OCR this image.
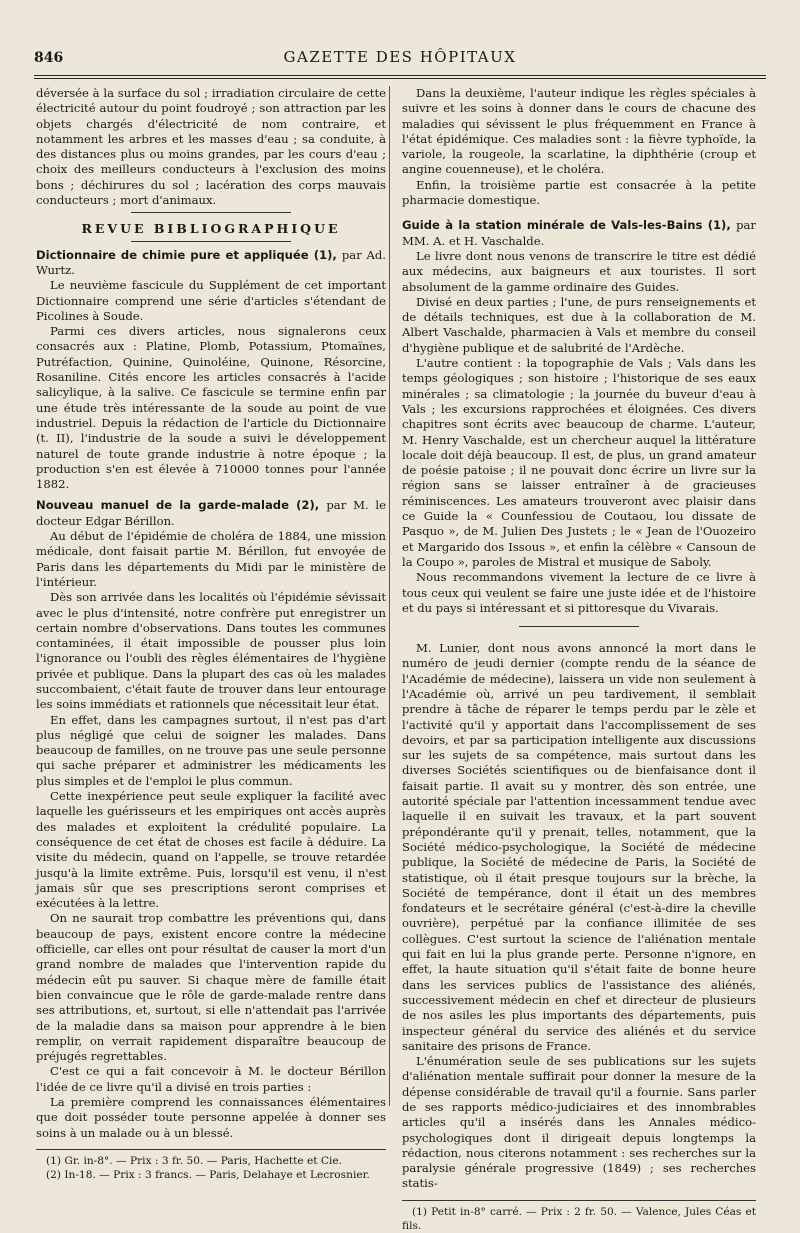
846	GAZETTE DES HÔPITAUX

déversée à la surface du sol ; irradiation circulaire de cette électricité autour du point foudroyé ; son attraction par les objets chargés d'électricité de nom contraire, et notamment les arbres et les masses d'eau ; sa conduite, à des distances plus ou moins grandes, par les cours d'eau ; choix des meilleurs conducteurs à l'exclusion des moins bons ; déchirures du sol ; lacération des corps mauvais conducteurs ; mort d'animaux.

REVUE BIBLIOGRAPHIQUE
Dictionnaire de chimie pure et appliquée (1), par Ad. Wurtz.

Le neuvième fascicule du Supplément de cet important Dictionnaire comprend une série d'articles s'étendant de Picolines à Soude.

Parmi ces divers articles, nous signalerons ceux consacrés aux : Platine, Plomb, Potassium, Ptomaïnes, Putréfaction, Quinine, Quinoléine, Quinone, Résorcine, Rosaniline. Cités encore les articles consacrés à l'acide salicylique, à la salive. Ce fascicule se termine enfin par une étude très intéressante de la soude au point de vue industriel. Depuis la rédaction de l'article du Dictionnaire (t. II), l'industrie de la soude a suivi le développement naturel de toute grande industrie à notre époque ; la production s'en est élevée à 710000 tonnes pour l'année 1882.

Nouveau manuel de la garde-malade (2), par M. le docteur Edgar Bérillon.

Au début de l'épidémie de choléra de 1884, une mission médicale, dont faisait partie M. Bérillon, fut envoyée de Paris dans les départements du Midi par le ministère de l'intérieur.

Dès son arrivée dans les localités où l'épidémie sévissait avec le plus d'intensité, notre confrère put enregistrer un certain nombre d'observations. Dans toutes les communes contaminées, il était impossible de pousser plus loin l'ignorance ou l'oubli des règles élémentaires de l'hygiène privée et publique. Dans la plupart des cas où les malades succombaient, c'était faute de trouver dans leur entourage les soins immédiats et rationnels que nécessitait leur état.

En effet, dans les campagnes surtout, il n'est pas d'art plus négligé que celui de soigner les malades. Dans beaucoup de familles, on ne trouve pas une seule personne qui sache préparer et administrer les médicaments les plus simples et de l'emploi le plus commun.

Cette inexpérience peut seule expliquer la facilité avec laquelle les guérisseurs et les empiriques ont accès auprès des malades et exploitent la crédulité populaire. La conséquence de cet état de choses est facile à déduire. La visite du médecin, quand on l'appelle, se trouve retardée jusqu'à la limite extrême. Puis, lorsqu'il est venu, il n'est jamais sûr que ses prescriptions seront comprises et exécutées à la lettre.

On ne saurait trop combattre les préventions qui, dans beaucoup de pays, existent encore contre la médecine officielle, car elles ont pour résultat de causer la mort d'un grand nombre de malades que l'intervention rapide du médecin eût pu sauver. Si chaque mère de famille était bien convaincue que le rôle de garde-malade rentre dans ses attributions, et, surtout, si elle n'attendait pas l'arrivée de la maladie dans sa maison pour apprendre à le bien remplir, on verrait rapidement disparaître beaucoup de préjugés regrettables.

C'est ce qui a fait concevoir à M. le docteur Bérillon l'idée de ce livre qu'il a divisé en trois parties :

La première comprend les connaissances élémentaires que doit posséder toute personne appelée à donner ses soins à un malade ou à un blessé.

(1) Gr. in-8°. — Prix : 3 fr. 50. — Paris, Hachette et Cie.

(2) In-18. — Prix : 3 francs. — Paris, Delahaye et Lecrosnier.

Dans la deuxième, l'auteur indique les règles spéciales à suivre et les soins à donner dans le cours de chacune des maladies qui sévissent le plus fréquemment en France à l'état épidémique. Ces maladies sont : la fièvre typhoïde, la variole, la rougeole, la scarlatine, la diphthérie (croup et angine couenneuse), et le choléra.

Enfin, la troisième partie est consacrée à la petite pharmacie domestique.

Guide à la station minérale de Vals-les-Bains (1), par MM. A. et H. Vaschalde.

Le livre dont nous venons de transcrire le titre est dédié aux médecins, aux baigneurs et aux touristes. Il sort absolument de la gamme ordinaire des Guides.

Divisé en deux parties ; l'une, de purs renseignements et de détails techniques, est due à la collaboration de M. Albert Vaschalde, pharmacien à Vals et membre du conseil d'hygiène publique et de salubrité de l'Ardèche.

L'autre contient : la topographie de Vals ; Vals dans les temps géologiques ; son histoire ; l'historique de ses eaux minérales ; sa climatologie ; la journée du buveur d'eau à Vals ; les excursions rapprochées et éloignées. Ces divers chapitres sont écrits avec beaucoup de charme. L'auteur, M. Henry Vaschalde, est un chercheur auquel la littérature locale doit déjà beaucoup. Il est, de plus, un grand amateur de poésie patoise ; il ne pouvait donc écrire un livre sur la région sans se laisser entraîner à de gracieuses réminiscences. Les amateurs trouveront avec plaisir dans ce Guide la « Counfessiou de Coutaou, lou dissate de Pasquo », de M. Julien Des Justets ; le « Jean de l'Ouozeiro et Margarido dos Issous », et enfin la célèbre « Cansoun de la Coupo », paroles de Mistral et musique de Saboly.

Nous recommandons vivement la lecture de ce livre à tous ceux qui veulent se faire une juste idée et de l'histoire et du pays si intéressant et si pittoresque du Vivarais.

M. Lunier, dont nous avons annoncé la mort dans le numéro de jeudi dernier (compte rendu de la séance de l'Académie de médecine), laissera un vide non seulement à l'Académie où, arrivé un peu tardivement, il semblait prendre à tâche de réparer le temps perdu par le zèle et l'activité qu'il y apportait dans l'accomplissement de ses devoirs, et par sa participation intelligente aux discussions sur les sujets de sa compétence, mais surtout dans les diverses Sociétés scientifiques ou de bienfaisance dont il faisait partie. Il avait su y montrer, dès son entrée, une autorité spéciale par l'attention incessamment tendue avec laquelle il en suivait les travaux, et la part souvent prépondérante qu'il y prenait, telles, notamment, que la Société médico-psychologique, la Société de médecine publique, la Société de médecine de Paris, la Société de statistique, où il était presque toujours sur la brèche, la Société de tempérance, dont il était un des membres fondateurs et le secrétaire général (c'est-à-dire la cheville ouvrière), perpétué par la confiance illimitée de ses collègues. C'est surtout la science de l'aliénation mentale qui fait en lui la plus grande perte. Personne n'ignore, en effet, la haute situation qu'il s'était faite de bonne heure dans les services publics de l'assistance des aliénés, successivement médecin en chef et directeur de plusieurs de nos asiles les plus importants des départements, puis inspecteur général du service des aliénés et du service sanitaire des prisons de France.

L'énumération seule de ses publications sur les sujets d'aliénation mentale suffirait pour donner la mesure de la dépense considérable de travail qu'il a fournie. Sans parler de ses rapports médico-judiciaires et des innombrables articles qu'il a insérés dans les Annales médico-psychologiques dont il dirigeait depuis longtemps la rédaction, nous citerons notamment : ses recherches sur la paralysie générale progressive (1849) ; ses recherches statis-

(1) Petit in-8° carré. — Prix : 2 fr. 50. — Valence, Jules Céas et fils.
